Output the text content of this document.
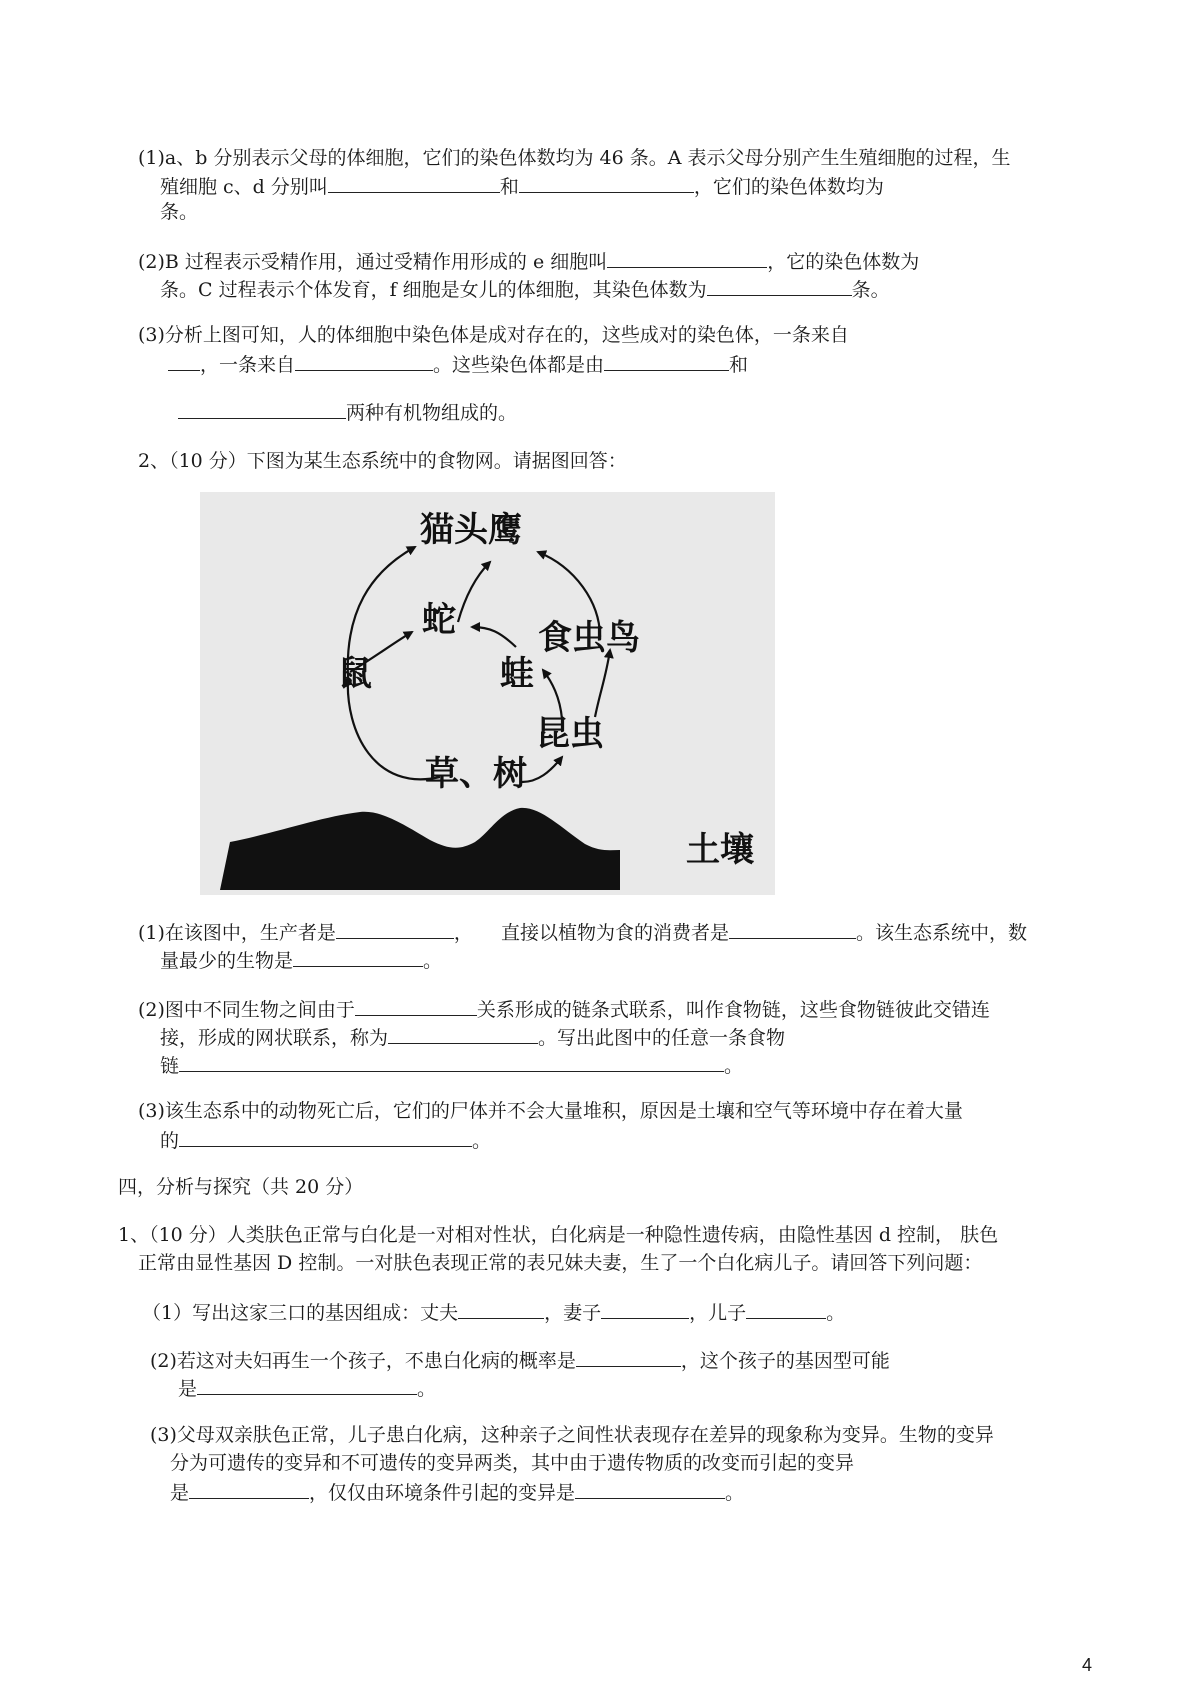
(1)a、b 分别表示父母的体细胞，它们的染色体数均为 46 条。A 表示父母分别产生生殖细胞的过程，生
殖细胞 c、d 分别叫	和	，它们的染色体数均为
条。
(2)B 过程表示受精作用，通过受精作用形成的 e 细胞叫	，它的染色体数为
条。C 过程表示个体发育，f 细胞是女儿的体细胞，其染色体数为	条。
(3)分析上图可知，人的体细胞中染色体是成对存在的，这些成对的染色体，一条来自
，一条来自	。这些染色体都是由	和
两种有机物组成的。
2、（10 分）下图为某生态系统中的食物网。请据图回答：
猫头鹰
蛇 食虫鸟
鼠	蛙
昆虫
草、树
土壤
(1)在该图中，生产者是	， 直接以植物为食的消费者是	。该生态系统中，数
量最少的生物是	。
(2)图中不同生物之间由于	关系形成的链条式联系，叫作食物链，这些食物链彼此交错连
接，形成的网状联系，称为	。写出此图中的任意一条食物
链	。
(3)该生态系中的动物死亡后，它们的尸体并不会大量堆积，原因是土壤和空气等环境中存在着大量
的	。
四，分析与探究（共 20 分）
1、（10 分）人类肤色正常与白化是一对相对性状，白化病是一种隐性遗传病，由隐性基因 d 控制， 肤色
正常由显性基因 D 控制。一对肤色表现正常的表兄妹夫妻，生了一个白化病儿子。请回答下列问题：
（1）写出这家三口的基因组成：丈夫	，妻子	，儿子	。
(2)若这对夫妇再生一个孩子，不患白化病的概率是	，这个孩子的基因型可能
是	。
(3)父母双亲肤色正常，儿子患白化病，这种亲子之间性状表现存在差异的现象称为变异。生物的变异
分为可遗传的变异和不可遗传的变异两类，其中由于遗传物质的改变而引起的变异
是	，仅仅由环境条件引起的变异是	。
4
